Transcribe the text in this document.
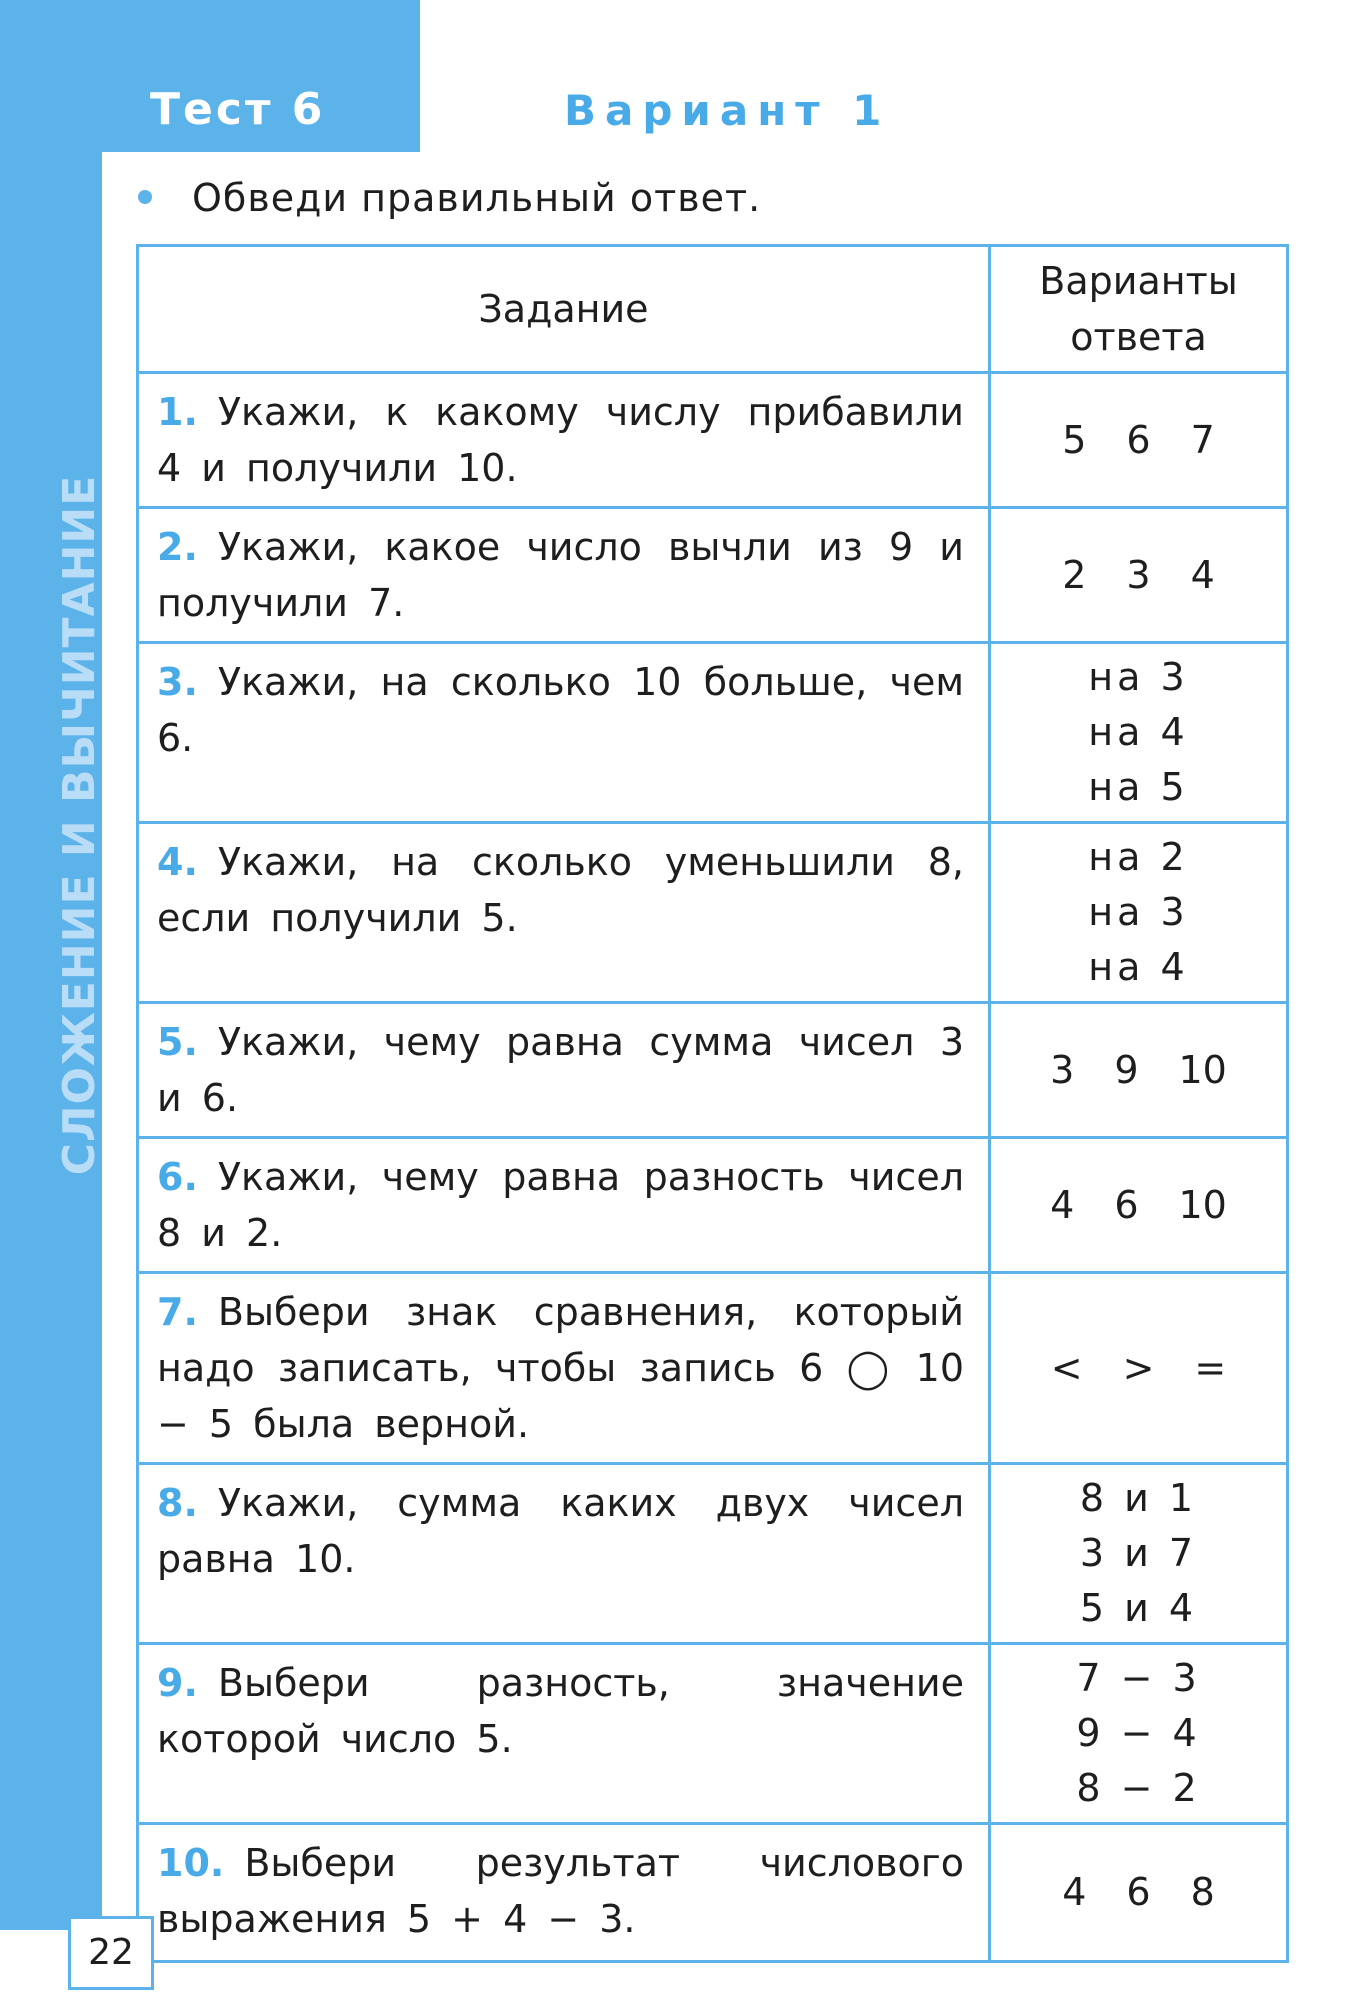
СЛОЖЕНИЕ И ВЫЧИТАНИЕ
Тест 6	Вариант 1
Обведи правильный ответ.
Задание	Варианты ответа

1. Укажи, к какому числу прибавили 4 и получили 10.	5 6 7

2. Укажи, какое число вычли из 9 и получили 7.	2 3 4

3. Укажи, на сколько 10 больше, чем 6.	на 3
на 4
на 5

4. Укажи, на сколько уменьшили 8, если получили 5.	на 2
на 3
на 4

5. Укажи, чему равна сумма чисел 3 и 6.	3 9 10

6. Укажи, чему равна разность чисел 8 и 2.	4 6 10

7. Выбери знак сравнения, который надо записать, чтобы запись 6 ◯ 10 − 5 была верной.	< > =

8. Укажи, сумма каких двух чисел равна 10.	8 и 1
3 и 7
5 и 4

9. Выбери разность, значение которой число 5.	7 − 3
9 − 4
8 − 2

10. Выбери результат числового выражения 5 + 4 − 3.	4 6 8
22
